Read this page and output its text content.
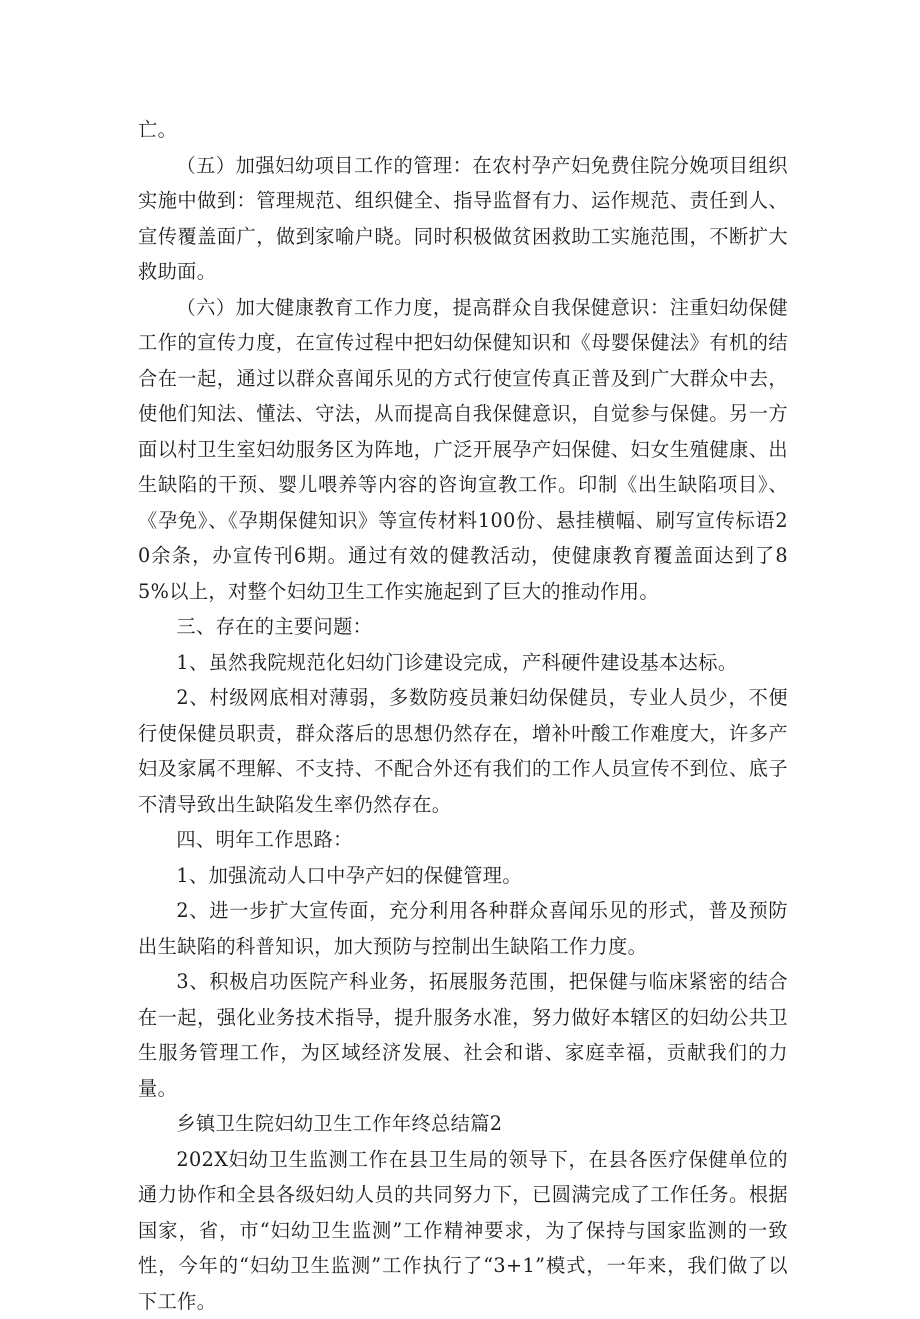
亡。

（五）加强妇幼项目工作的管理：在农村孕产妇免费住院分娩项目组织实施中做到：管理规范、组织健全、指导监督有力、运作规范、责任到人、宣传覆盖面广，做到家喻户晓。同时积极做贫困救助工实施范围，不断扩大救助面。

（六）加大健康教育工作力度，提高群众自我保健意识：注重妇幼保健工作的宣传力度，在宣传过程中把妇幼保健知识和《母婴保健法》有机的结合在一起，通过以群众喜闻乐见的方式行使宣传真正普及到广大群众中去，使他们知法、懂法、守法，从而提高自我保健意识，自觉参与保健。另一方面以村卫生室妇幼服务区为阵地，广泛开展孕产妇保健、妇女生殖健康、出生缺陷的干预、婴儿喂养等内容的咨询宣教工作。印制《出生缺陷项目》、《孕免》、《孕期保健知识》等宣传材料100份、悬挂横幅、刷写宣传标语20余条，办宣传刊6期。通过有效的健教活动，使健康教育覆盖面达到了85%以上，对整个妇幼卫生工作实施起到了巨大的推动作用。

三、存在的主要问题：

1、虽然我院规范化妇幼门诊建设完成，产科硬件建设基本达标。

2、村级网底相对薄弱，多数防疫员兼妇幼保健员，专业人员少，不便行使保健员职责，群众落后的思想仍然存在，增补叶酸工作难度大，许多产妇及家属不理解、不支持、不配合外还有我们的工作人员宣传不到位、底子不清导致出生缺陷发生率仍然存在。

四、明年工作思路：

1、加强流动人口中孕产妇的保健管理。

2、进一步扩大宣传面，充分利用各种群众喜闻乐见的形式，普及预防出生缺陷的科普知识，加大预防与控制出生缺陷工作力度。

3、积极启功医院产科业务，拓展服务范围，把保健与临床紧密的结合在一起，强化业务技术指导，提升服务水准，努力做好本辖区的妇幼公共卫生服务管理工作，为区域经济发展、社会和谐、家庭幸福，贡献我们的力量。

乡镇卫生院妇幼卫生工作年终总结篇2

202X妇幼卫生监测工作在县卫生局的领导下，在县各医疗保健单位的通力协作和全县各级妇幼人员的共同努力下，已圆满完成了工作任务。根据国家，省，市“妇幼卫生监测”工作精神要求，为了保持与国家监测的一致性，今年的“妇幼卫生监测”工作执行了“3+1”模式，一年来，我们做了以下工作。
